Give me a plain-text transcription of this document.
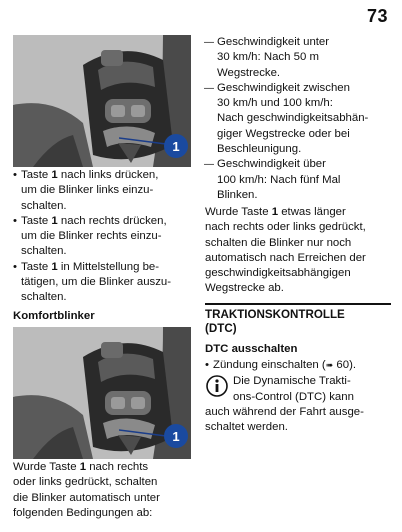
73
1
• Taste 1 nach links drücken,
um die Blinker links einzu-
schalten.
• Taste 1 nach rechts drücken,
um die Blinker rechts einzu-
schalten.
• Taste 1 in Mittelstellung be-
tätigen, um die Blinker auszu-
schalten.
Komfortblinker
1

Wurde Taste 1 nach rechts
oder links gedrückt, schalten
die Blinker automatisch unter
folgenden Bedingungen ab:

— Geschwindigkeit unter
30 km/h: Nach 50 m
Wegstrecke.
— Geschwindigkeit zwischen
30 km/h und 100 km/h:
Nach geschwindigkeitsabhän-
giger Wegstrecke oder bei
Beschleunigung.
— Geschwindigkeit über
100 km/h: Nach fünf Mal
Blinken.

Wurde Taste 1 etwas länger
nach rechts oder links gedrückt,
schalten die Blinker nur noch
automatisch nach Erreichen der
geschwindigkeitsabhängigen
Wegstrecke ab.

TRAKTIONSKONTROLLE
(DTC)
DTC ausschalten
• Zündung einschalten (➠ 60).
Die Dynamische Trakti-
ons-Control (DTC) kann

auch während der Fahrt ausge-
schaltet werden.
